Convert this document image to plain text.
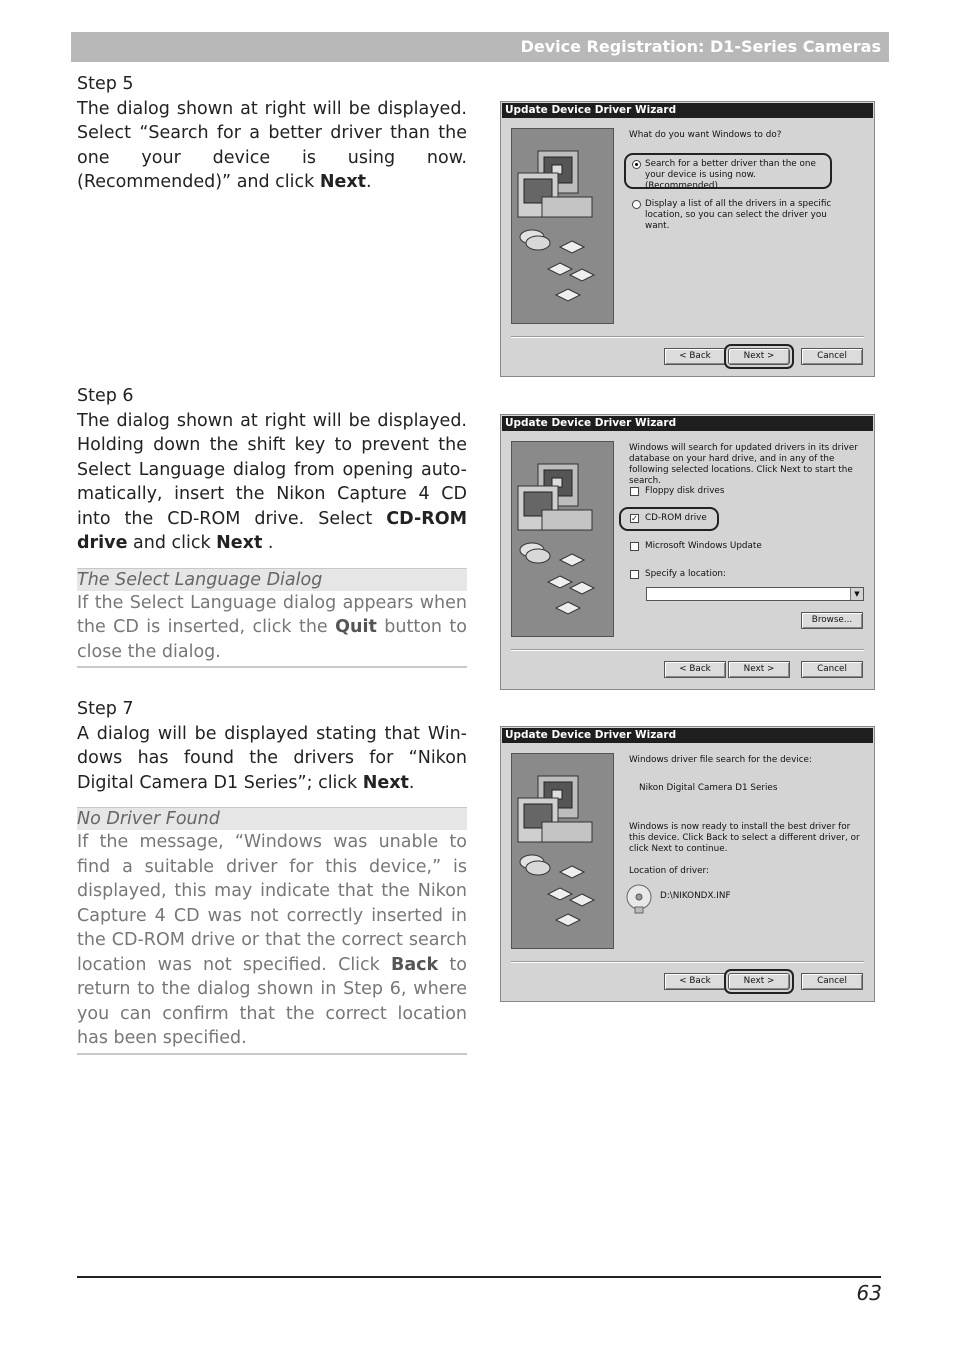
Device Registration: D1-Series Cameras

Step 5

The dialog shown at right will be displayed. Select “Search for a better driver than the one your device is using now. (Recommended)” and click Next.

Step 6

The dialog shown at right will be displayed. Holding down the shift key to prevent the Select Language dialog from opening auto-matically, insert the Nikon Capture 4 CD into the CD-ROM drive. Select CD-ROM drive and click Next .

The Select Language Dialog

If the Select Language dialog appears when the CD is inserted, click the Quit button to close the dialog.

Step 7

A dialog will be displayed stating that Win-dows has found the drivers for “Nikon Digital Camera D1 Series”; click Next.

No Driver Found

If the message, “Windows was unable to find a suitable driver for this device,” is displayed, this may indicate that the Nikon Capture 4 CD was not correctly inserted in the CD-ROM drive or that the correct search location was not specified. Click Back to return to the dialog shown in Step 6, where you can confirm that the correct location has been specified.

Update Device Driver Wizard
What do you want Windows to do?
Search for a better driver than the one your device is using now. (Recommended)
Display a list of all the drivers in a specific location, so you can select the driver you want.
< Back	Next >	Cancel
Update Device Driver Wizard
Windows will search for updated drivers in its driver database on your hard drive, and in any of the following selected locations. Click Next to start the search.
Floppy disk drives
✓ CD-ROM drive
Microsoft Windows Update
Specify a location:
▼
Browse...
< Back	Next >	Cancel
Update Device Driver Wizard
Windows driver file search for the device:
Nikon Digital Camera D1 Series
Windows is now ready to install the best driver for this device. Click Back to select a different driver, or click Next to continue.
Location of driver:
D:\NIKONDX.INF
< Back	Next >	Cancel
63
